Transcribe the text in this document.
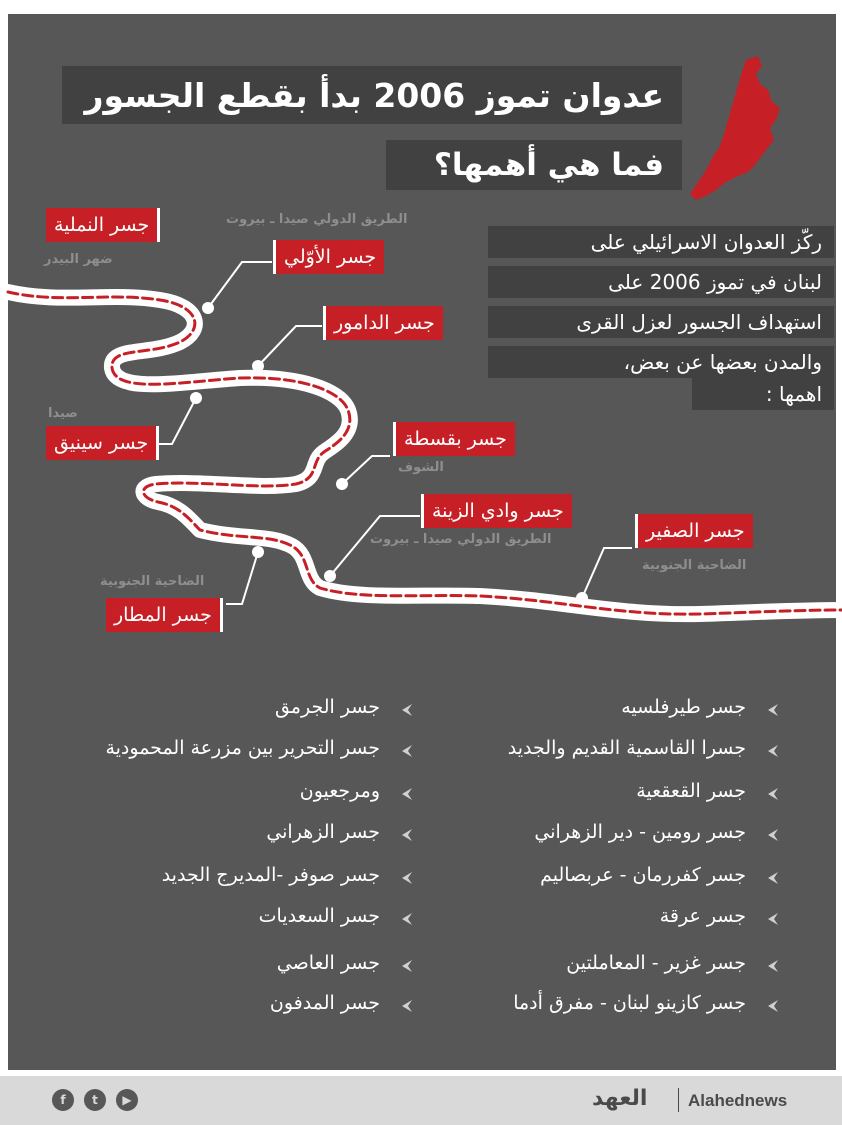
عدوان تموز 2006 بدأ بقطع الجسور
فما هي أهمها؟
ركّز العدوان الاسرائيلي على
لبنان في تموز 2006 على
استهداف الجسور لعزل القرى
والمدن بعضها عن بعض،
اهمها :
جسر النملية
ضهر البيدر
الطريق الدولي صيدا ـ بيروت
جسر الأوّلي
جسر الدامور
صيدا
جسر سينيق	جسر بقسطة
الشوف
جسر وادي الزينة
الطريق الدولي صيدا ـ بيروت	جسر الصفير
الضاحية الجنوبية
الضاحية الجنوبية
جسر المطار
جسر طيرفلسيه
جسرا القاسمية القديم والجديد
جسر القعقعية
جسر رومين - دير الزهراني
جسر كفررمان - عربصاليم
جسر عرقة
جسر غزير - المعاملتين
جسر كازينو لبنان - مفرق أدما
جسر الجرمق
جسر التحرير بين مزرعة المحمودية
ومرجعيون
جسر الزهراني
جسر صوفر -المديرج الجديد
جسر السعديات
جسر العاصي
جسر المدفون
f	t	▶	العهد Alahednews
